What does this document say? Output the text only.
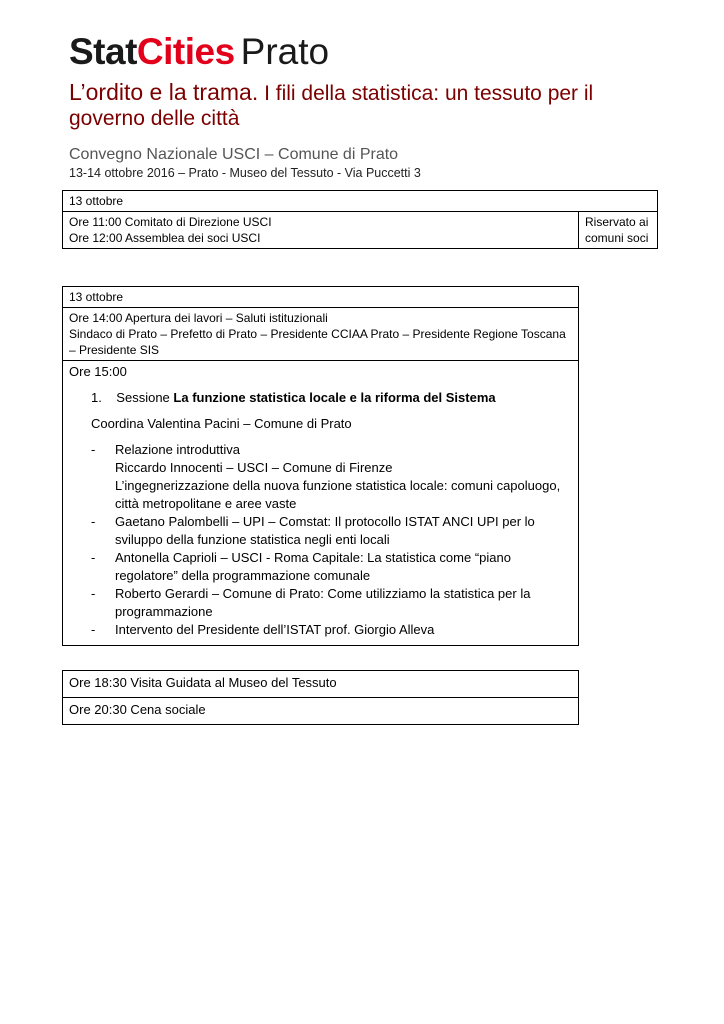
StatCities Prato
L’ordito e la trama. I fili della statistica: un tessuto per il governo delle città
Convegno Nazionale USCI – Comune di Prato
13-14 ottobre 2016 – Prato - Museo del Tessuto - Via Puccetti 3
13 ottobre

Ore 11:00 Comitato di Direzione USCI
Ore 12:00 Assemblea dei soci USCI

Riservato ai
comuni soci
13 ottobre

Ore 14:00 Apertura dei lavori – Saluti istituzionali
Sindaco di Prato – Prefetto di Prato – Presidente CCIAA Prato – Presidente Regione Toscana – Presidente SIS

Ore 15:00
1. Sessione La funzione statistica locale e la riforma del Sistema
Coordina Valentina Pacini – Comune di Prato
- Relazione introduttiva
Riccardo Innocenti – USCI – Comune di Firenze
L’ingegnerizzazione della nuova funzione statistica locale: comuni capoluogo, città metropolitane e aree vaste
- Gaetano Palombelli – UPI – Comstat: Il protocollo ISTAT ANCI UPI per lo sviluppo della funzione statistica negli enti locali
- Antonella Caprioli – USCI - Roma Capitale: La statistica come “piano regolatore” della programmazione comunale
- Roberto Gerardi – Comune di Prato: Come utilizziamo la statistica per la programmazione
- Intervento del Presidente dell’ISTAT prof. Giorgio Alleva
Ore 18:30 Visita Guidata al Museo del Tessuto
Ore 20:30 Cena sociale
